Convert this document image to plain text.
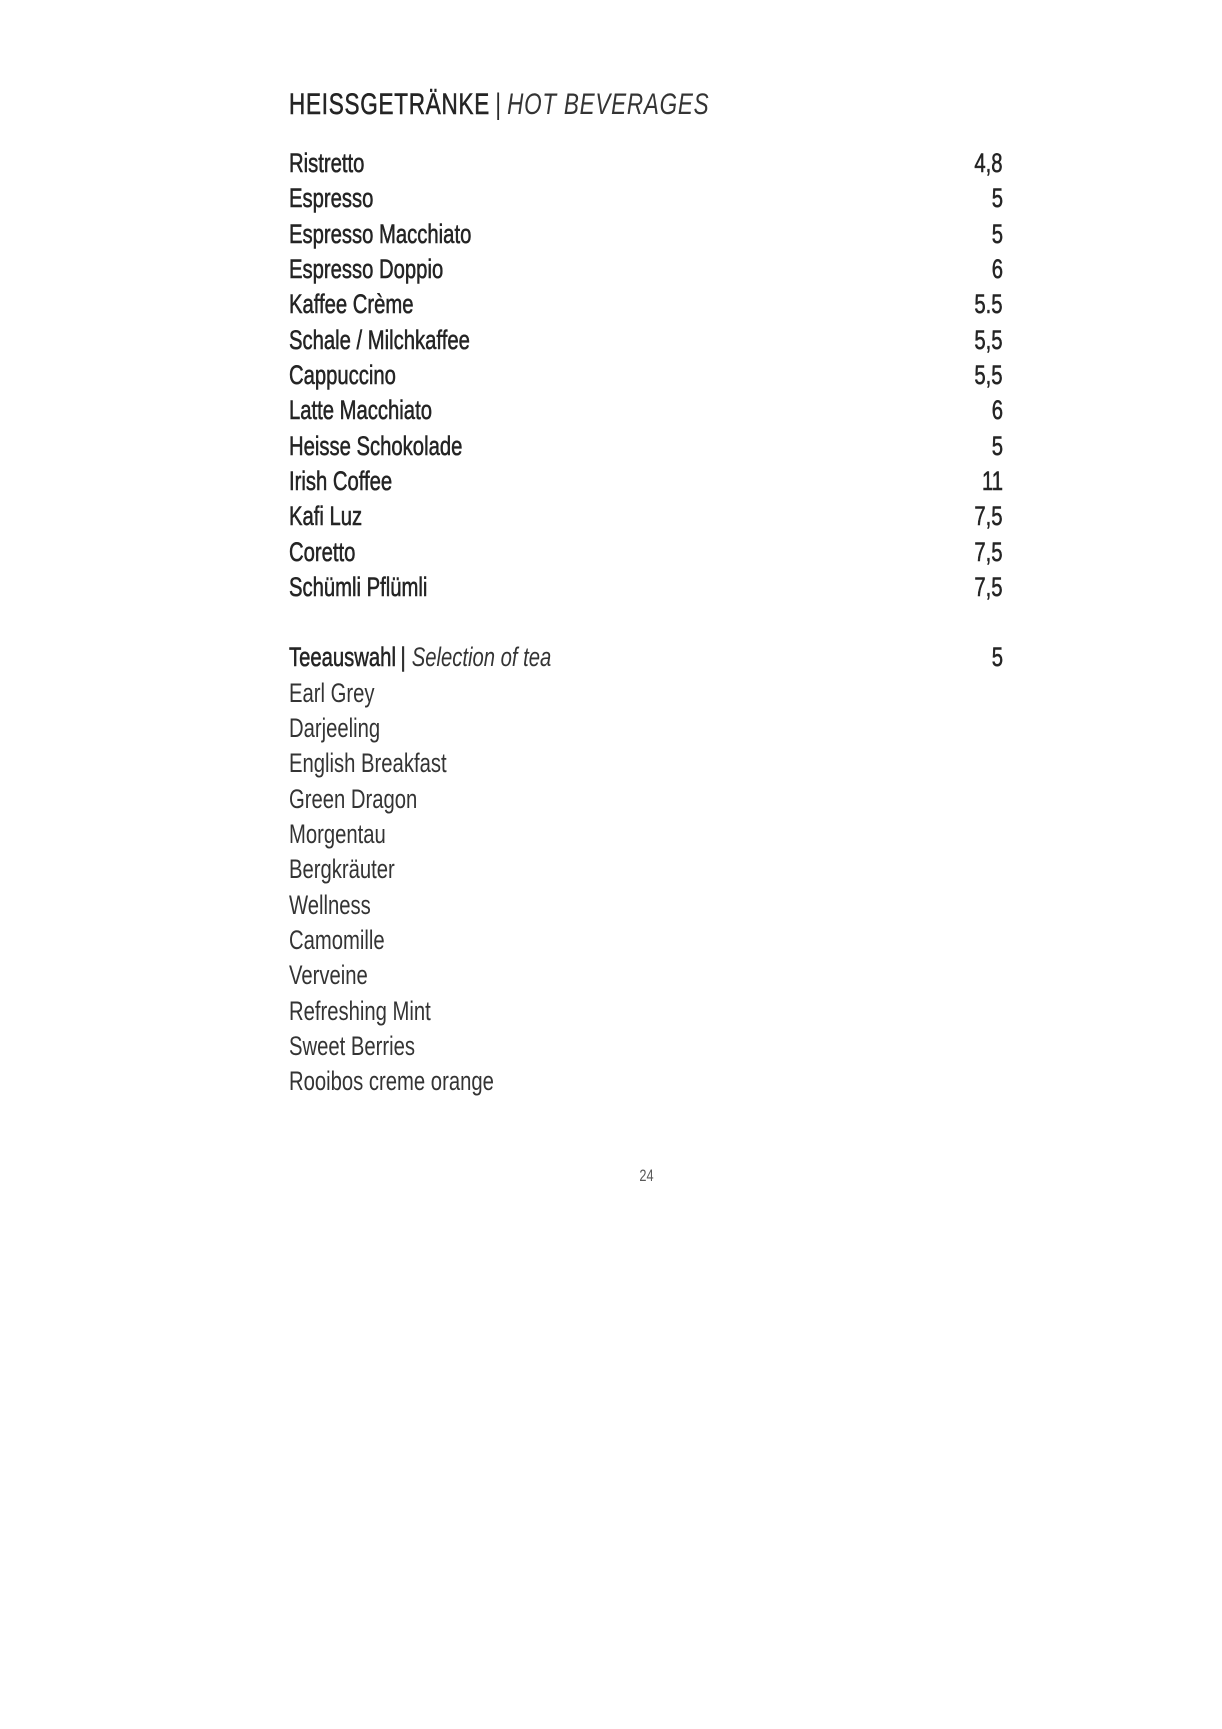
HEISSGETRÄNKE | HOT BEVERAGES
Ristretto	4,8
Espresso	5
Espresso Macchiato	5
Espresso Doppio	6
Kaffee Crème	5.5
Schale / Milchkaffee	5,5
Cappuccino	5,5
Latte Macchiato	6
Heisse Schokolade	5
Irish Coffee	11
Kafi Luz	7,5
Coretto	7,5
Schümli Pflümli	7,5
Teeauswahl | Selection of tea	5
Earl Grey
Darjeeling
English Breakfast
Green Dragon
Morgentau
Bergkräuter
Wellness
Camomille
Verveine
Refreshing Mint
Sweet Berries
Rooibos creme orange
24
